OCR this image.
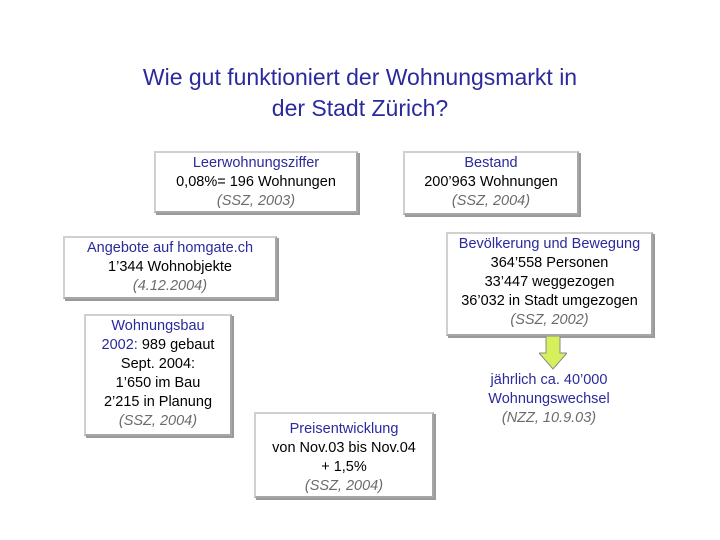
Wie gut funktioniert der Wohnungsmarkt in
der Stadt Zürich?
Leerwohnungsziffer
0,08%= 196 Wohnungen
(SSZ, 2003)
Bestand
200’963 Wohnungen
(SSZ, 2004)
Angebote auf homgate.ch
1’344 Wohnobjekte
(4.12.2004)
Bevölkerung und Bewegung
364’558 Personen
33’447 weggezogen
36’032 in Stadt umgezogen
(SSZ, 2002)
Wohnungsbau
2002: 989 gebaut
Sept. 2004:
1’650 im Bau
2’215 in Planung
(SSZ, 2004)	Preisentwicklung
von Nov.03 bis Nov.04
+ 1,5%
(SSZ, 2004)
jährlich ca. 40’000
Wohnungswechsel
(NZZ, 10.9.03)
